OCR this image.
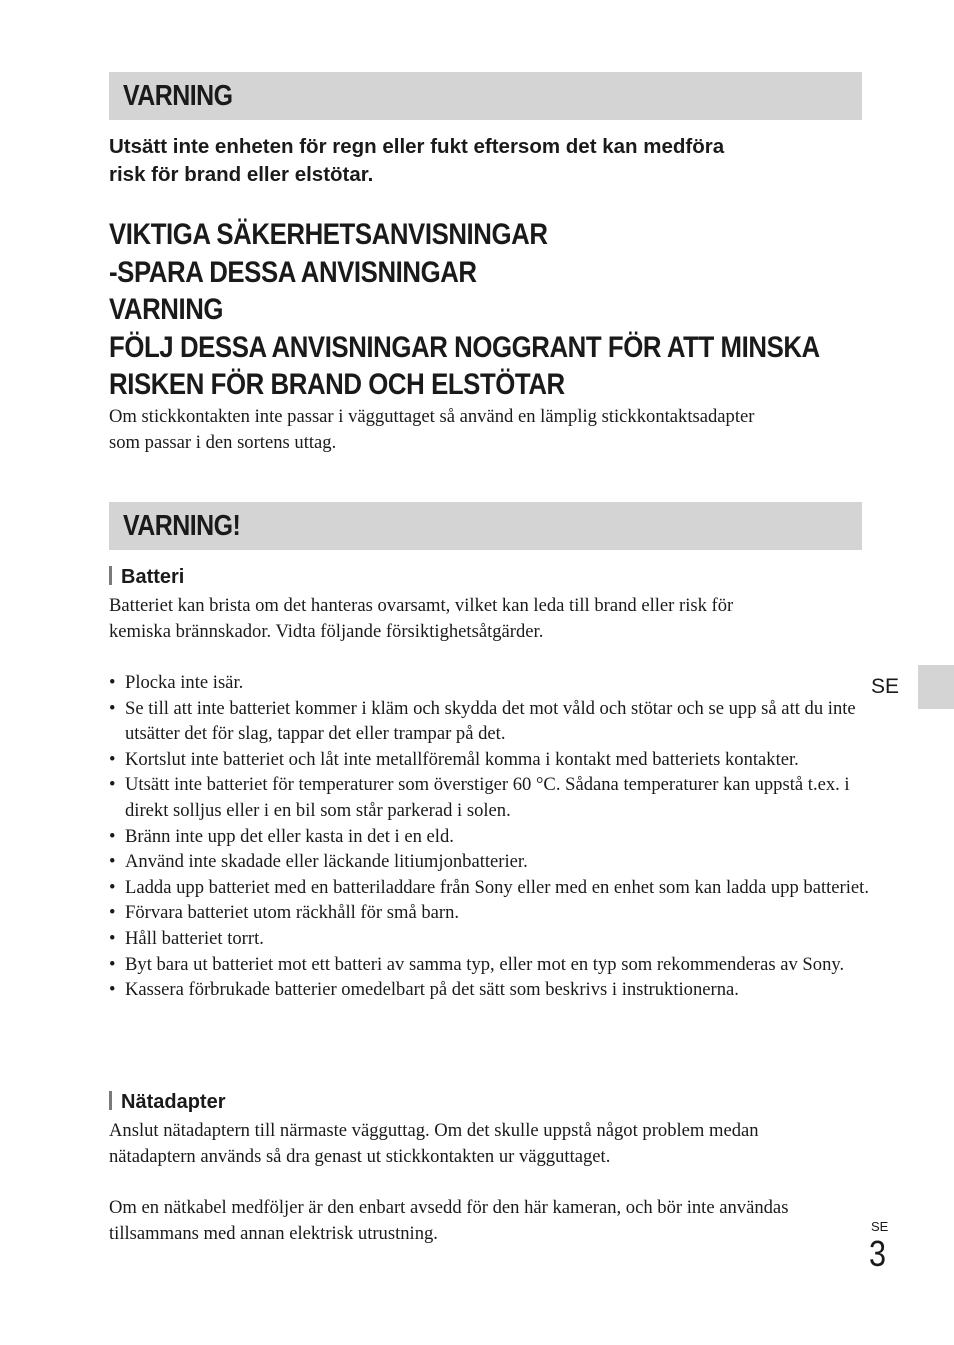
VARNING
Utsätt inte enheten för regn eller fukt eftersom det kan medföra
risk för brand eller elstötar.
VIKTIGA SÄKERHETSANVISNINGAR
-SPARA DESSA ANVISNINGAR
VARNING
FÖLJ DESSA ANVISNINGAR NOGGRANT FÖR ATT MINSKA
RISKEN FÖR BRAND OCH ELSTÖTAR
Om stickkontakten inte passar i vägguttaget så använd en lämplig stickkontaktsadapter
som passar i den sortens uttag.
VARNING!
Batteri
Batteriet kan brista om det hanteras ovarsamt, vilket kan leda till brand eller risk för
kemiska brännskador. Vidta följande försiktighetsåtgärder.
• Plocka inte isär.
• Se till att inte batteriet kommer i kläm och skydda det mot våld och stötar och se upp så att du inte utsätter det för slag, tappar det eller trampar på det.
• Kortslut inte batteriet och låt inte metallföremål komma i kontakt med batteriets kontakter.
• Utsätt inte batteriet för temperaturer som överstiger 60 °C. Sådana temperaturer kan uppstå t.ex. i direkt solljus eller i en bil som står parkerad i solen.
• Bränn inte upp det eller kasta in det i en eld.
• Använd inte skadade eller läckande litiumjonbatterier.
• Ladda upp batteriet med en batteriladdare från Sony eller med en enhet som kan ladda upp batteriet.
• Förvara batteriet utom räckhåll för små barn.
• Håll batteriet torrt.
• Byt bara ut batteriet mot ett batteri av samma typ, eller mot en typ som rekommenderas av Sony.
• Kassera förbrukade batterier omedelbart på det sätt som beskrivs i instruktionerna.
Nätadapter
Anslut nätadaptern till närmaste vägguttag. Om det skulle uppstå något problem medan
nätadaptern används så dra genast ut stickkontakten ur vägguttaget.
Om en nätkabel medföljer är den enbart avsedd för den här kameran, och bör inte användas
tillsammans med annan elektrisk utrustning.
SE
SE
3
